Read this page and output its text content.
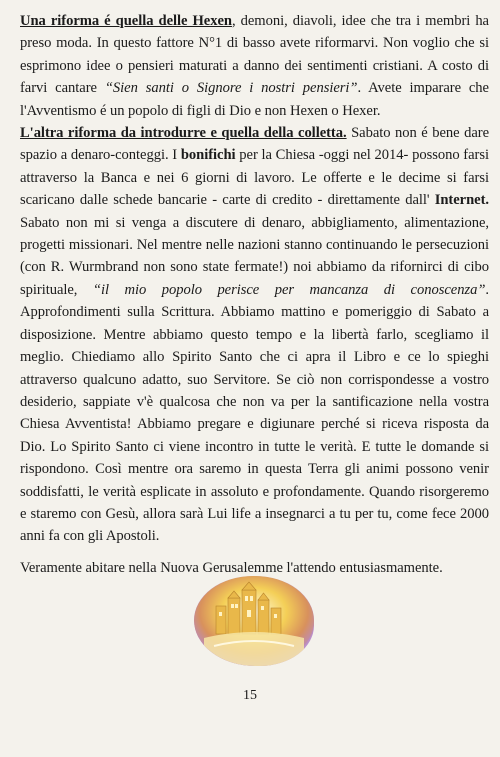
Una riforma é quella delle Hexen, demoni, diavoli, idee che tra i membri ha preso moda. In questo fattore N°1 di basso avete riformarvi. Non voglio che si esprimono idee o pensieri maturati a danno dei sentimenti cristiani. A costo di farvi cantare “Sien santi o Signore i nostri pensieri”. Avete imparare che l'Avventismo é un popolo di figli di Dio e non Hexen o Hexer.

L'altra riforma da introdurre e quella della colletta. Sabato non é bene dare spazio a denaro-conteggi. I bonifichi per la Chiesa -oggi nel 2014- possono farsi attraverso la Banca e nei 6 giorni di lavoro. Le offerte e le decime si farsi scaricano dalle schede bancarie - carte di credito - direttamente dall' Internet. Sabato non mi si venga a discutere di denaro, abbigliamento, alimentazione, progetti missionari. Nel mentre nelle nazioni stanno continuando le persecuzioni (con R. Wurmbrand non sono state fermate!) noi abbiamo da rifornirci di cibo spirituale, “il mio popolo perisce per mancanza di conoscenza”. Approfondimenti sulla Scrittura. Abbiamo mattino e pomeriggio di Sabato a disposizione. Mentre abbiamo questo tempo e la libertà farlo, scegliamo il meglio. Chiediamo allo Spirito Santo che ci apra il Libro e ce lo spieghi attraverso qualcuno adatto, suo Servitore. Se ciò non corrispondesse a vostro desiderio, sappiate v'è qualcosa che non va per la santificazione nella vostra Chiesa Avventista! Abbiamo pregare e digiunare perché si riceva risposta da Dio. Lo Spirito Santo ci viene incontro in tutte le verità. E tutte le domande si rispondono. Così mentre ora saremo in questa Terra gli animi possono venir soddisfatti, le verità esplicate in assoluto e profondamente. Quando risorgeremo e staremo con Gesù, allora sarà Lui life a insegnarci a tu per tu, come fece 2000 anni fa con gli Apostoli.

Veramente abitare nella Nuova Gerusalemme l'attendo entusiasmamente.

15
